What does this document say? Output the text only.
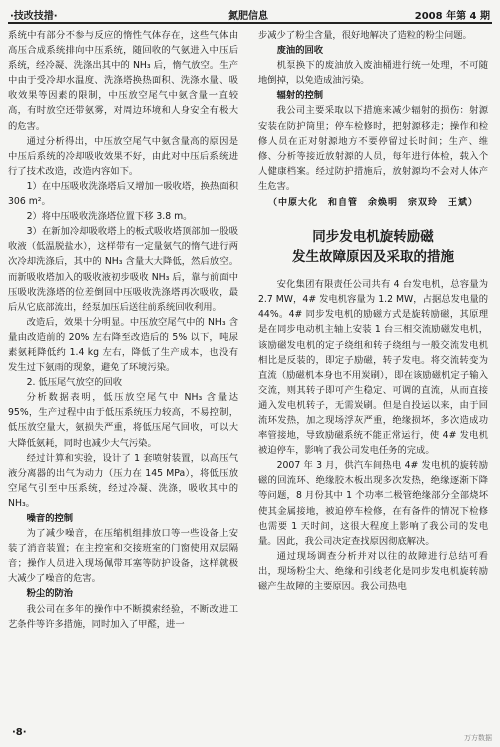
·技改技措·	氮肥信息	2008 年第 4 期

系统中有部分不参与反应的惰性气体存在，这些气体由高压合成系统排向中压系统，随回收的气氨进入中压后系统，经冷凝、洗涤出其中的 NH₃ 后，惰气放空。生产中由于受冷却水温度、洗涤塔换热面积、洗涤水量、吸收效果等因素的限制，中压放空尾气中氨含量一直较高，有时放空还带氨雾，对周边环境和人身安全有极大的危害。

通过分析得出，中压放空尾气中氨含量高的原因是中压后系统的冷却吸收效果不好，由此对中压后系统进行了技术改造，改造内容如下。

1）在中压吸收洗涤塔后又增加一吸收塔，换热面积 306 m²。
2）将中压吸收洗涤塔位置下移 3.8 m。
3）在新加冷却吸收塔上的板式吸收塔顶部加一股吸收液（低温脱盐水），这样带有一定量氨气的惰气进行两次冷却洗涤后，其中的 NH₃ 含量大大降低，然后放空。而新吸收塔加入的吸收液初步吸收 NH₃ 后，靠与前面中压吸收洗涤塔的位差倒回中压吸收洗涤塔再次吸收，最后从它底部流出，经泵加压后送往前系统回收利用。

改造后，效果十分明显。中压放空尾气中的 NH₃ 含量由改造前的 20% 左右降至改造后的 5% 以下，吨尿素氨耗降低约 1.4 kg 左右，降低了生产成本，也没有发生过下氨雨的现象，避免了环境污染。

2. 低压尾气放空的回收

分析数据表明，低压放空尾气中 NH₃ 含量达 95%，生产过程中由于低压系统压力较高，不易控制，低压放空量大，氨损失严重，将低压尾气回收，可以大大降低氨耗，同时也减少大气污染。

经过计算和实验，设计了 1 套喷射装置，以高压气液分离器的出气为动力（压力在 145 MPa），将低压放空尾气引至中压系统，经过冷凝、洗涤，吸收其中的 NH₃。

噪音的控制

为了减少噪音，在压缩机组排放口等一些设备上安装了消音装置；在主控室和交接班室的门窗使用双层隔音；操作人员进入现场佩带耳塞等防护设备，这样就极大减少了噪音的危害。

粉尘的防治

我公司在多年的操作中不断摸索经验，不断改进工艺条件等许多措施，同时加入了甲醛，进一

步减少了粉尘含量，很好地解决了造粒的粉尘问题。

废油的回收

机泵换下的废油放入废油桶进行统一处理，不可随地倒掉，以免造成油污染。

辐射的控制

我公司主要采取以下措施来减少辐射的损伤：射源安装在防护筒里；停车检修时，把射源移走；操作和检修人员在正对射源地方不要停留过长时间；生产、维修、分析等接近放射源的人员，每年进行体检，载入个人健康档案。经过防护措施后，放射源均不会对人体产生危害。

（中原大化　和自管　余焕明　宗双玲　王斌）
同步发电机旋转励磁
发生故障原因及采取的措施

安化集团有限责任公司共有 4 台发电机，总容量为 2.7 MW，4# 发电机容量为 1.2 MW，占据总发电量的 44%。4# 同步发电机的励磁方式是旋转励磁，其原理是在同步电动机主轴上安装 1 台三相交流励磁发电机，该励磁发电机的定子绕组和转子绕组与一般交流发电机相比是反装的，即定子励磁，转子发电。将交流转变为直流（励磁机本身也不用炭刷），即在该励磁机定子输入交流，则其转子即可产生稳定、可调的直流，从而直接通入发电机转子，无需炭刷。但是自投运以来，由于回流环发热，加之现场浮灰严重，绝缘损坏，多次造成功率管接地，导致励磁系统不能正常运行，使 4# 发电机被迫停车，影响了我公司发电任务的完成。

2007 年 3 月，供汽车间热电 4# 发电机的旋转励磁的回流环、绝缘胶木板出现多次发热，绝缘逐渐下降等问题，8 月份其中 1 个功率二极管绝缘部分全部烧坏使其金属接地，被迫停车检修，在有备件的情况下检修也需要 1 天时间，这很大程度上影响了我公司的发电量。因此，我公司决定查找原因彻底解决。

通过现场调查分析并对以往的故障进行总结可看出，现场粉尘大、绝缘和引线老化是同步发电机旋转励磁产生故障的主要原因。我公司热电

·8·	万方数据
